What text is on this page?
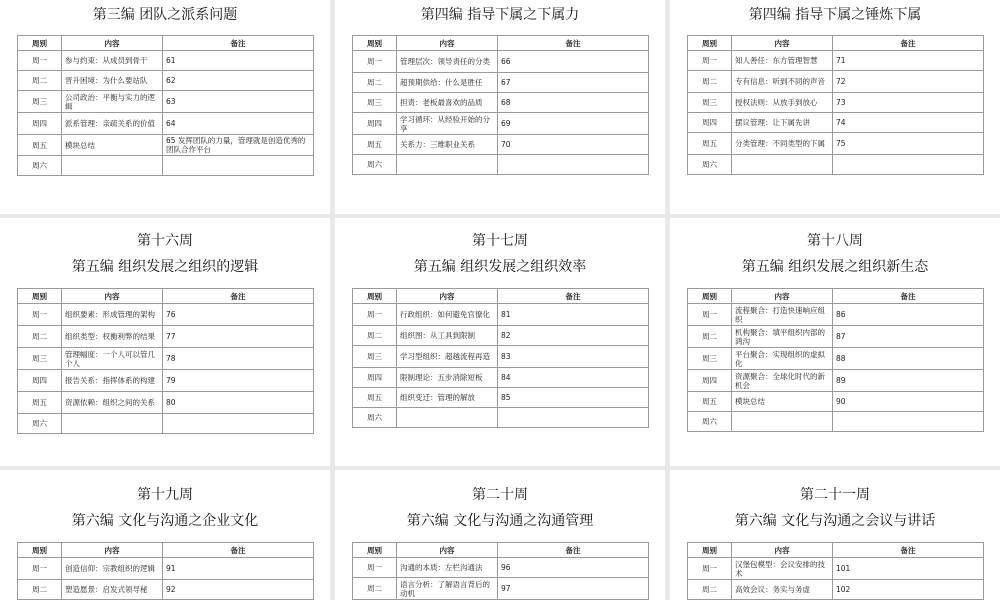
第三编 团队之派系问题
周别	内容	备注
周一	参与约束：从成员到骨干	61
周二	晋升困境：为什么要站队	62
周三	公司政治：平衡与实力的逻辑	63
周四	派系管理：亲疏关系的价值	64
周五	模块总结	65 发挥团队的力量，管理就是创造优秀的团队合作平台
周六		
第四编 指导下属之下属力
周别	内容	备注
周一	管理层次：领导责任的分类	66
周二	超预期供给：什么是胜任	67
周三	担责：老板最喜欢的品质	68
周四	学习循环：从经验开始的分享	69
周五	关系力：三维职业关系	70
周六		
第四编 指导下属之锤炼下属
周别	内容	备注
周一	知人善任：东方管理智慧	71
周二	专有信息：听到不同的声音	72
周三	授权法则：从放手到放心	73
周四	摆议管理：让下属先讲	74
周五	分类管理：不同类型的下属	75
周六		
第十六周
第五编 组织发展之组织的逻辑
周别	内容	备注
周一	组织要素：形成管理的架构	76
周二	组织类型：权衡利弊的结果	77
周三	管理幅度：一个人可以管几个人	78
周四	报告关系：指挥体系的构建	79
周五	资源依赖：组织之间的关系	80
周六		
第十七周
第五编 组织发展之组织效率
周别	内容	备注
周一	行政组织：如何避免官僚化	81
周二	组织图：从工具到限制	82
周三	学习型组织：超越流程再造	83
周四	限制理论：五步消除短板	84
周五	组织变迁：管理的解放	85
周六		
第十八周
第五编 组织发展之组织新生态
周别	内容	备注
周一	流程聚合：打造快速响应组织	86
周二	机构聚合：填平组织内部的鸿沟	87
周三	平台聚合：实现组织的虚拟化	88
周四	资源聚合：全球化时代的新机会	89
周五	模块总结	90
周六		
第十九周
第六编 文化与沟通之企业文化
周别	内容	备注
周一	创造信仰：宗教组织的逻辑	91
周二	塑造愿景：启发式领导秘	92
第二十周
第六编 文化与沟通之沟通管理
周别	内容	备注
周一	沟通的本质：左栏沟通法	96
周二	语言分析：了解语言背后的动机	97
第二十一周
第六编 文化与沟通之会议与讲话
周别	内容	备注
周一	汉堡包模型：会议安排的技术	101
周二	高效会议：务实与务虚	102
